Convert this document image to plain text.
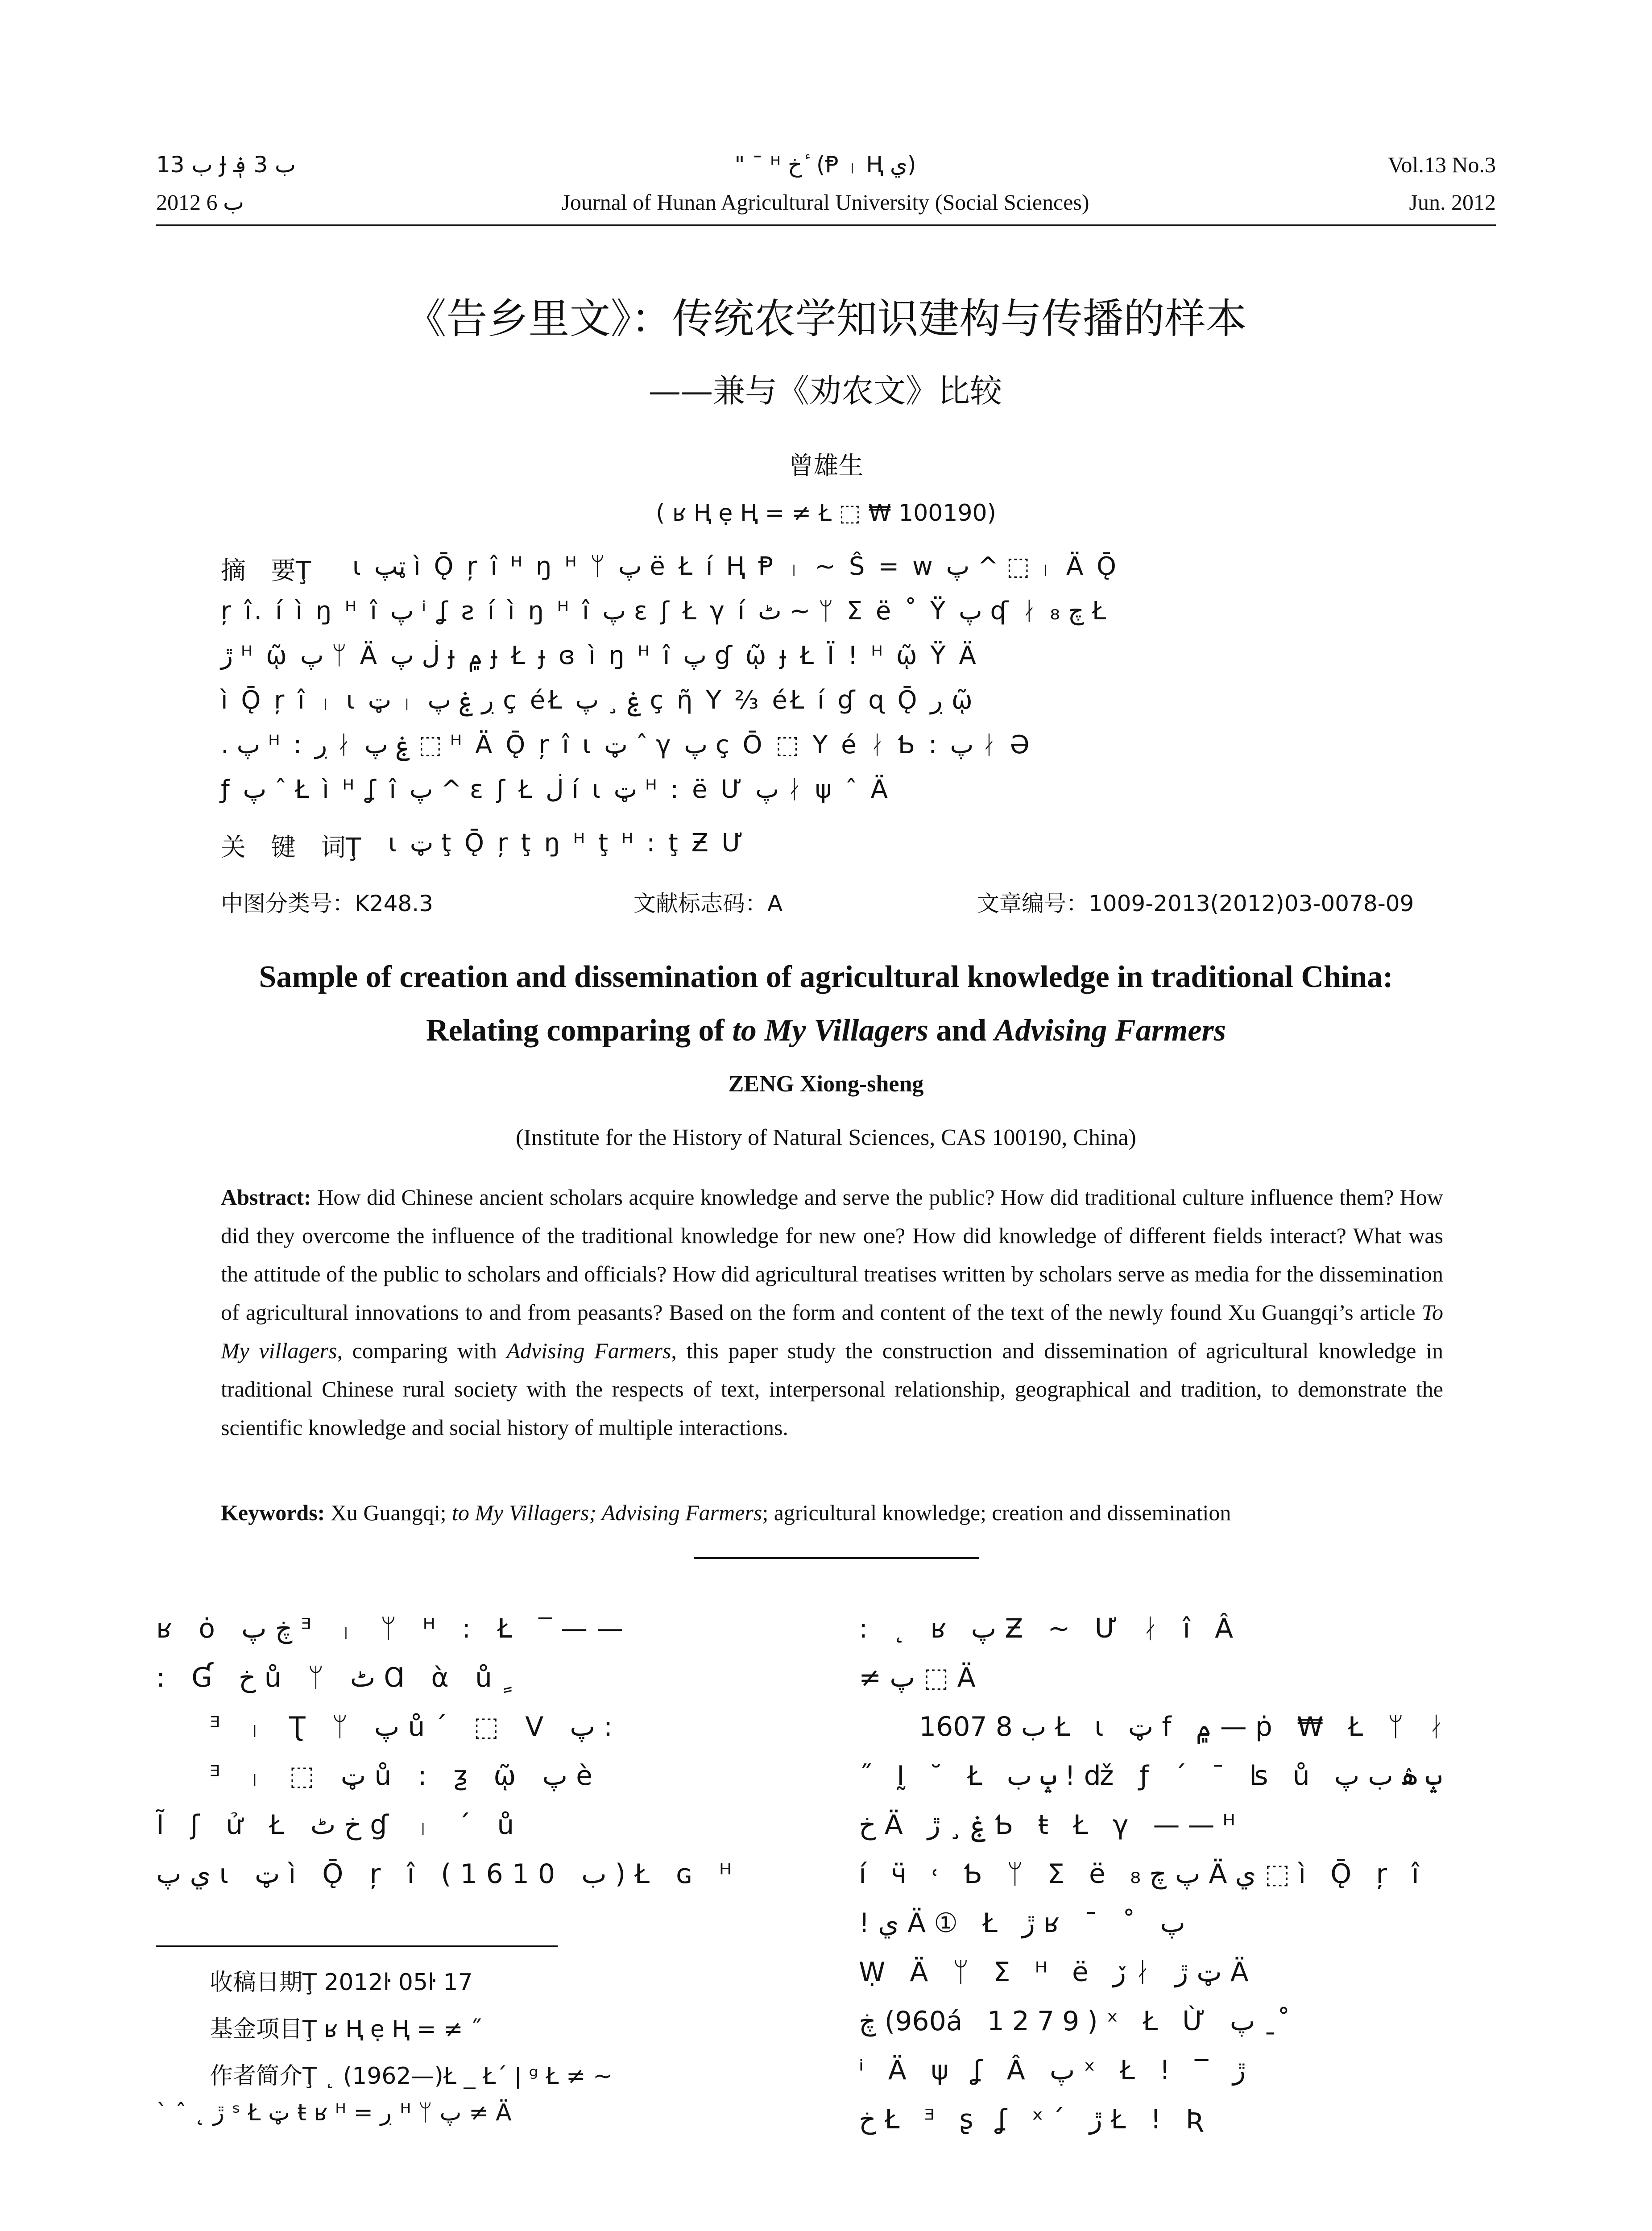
ب 13 Ɉ ب 3 ؋
2012 ب 6
" ¯ ᴴ خ ٔ (Ᵽ ᛧ Ⱨ ي)
Journal of Hunan Agricultural University (Social Sciences)
Vol.13 No.3
Jun. 2012
《告乡里文》：传统农学知识建构与传播的样本
——兼与《劝农文》比较
曾雄生
( ʁ Ⱨ ẹ Ⱨ = ≠ Ł ⬚ ₩ 100190)
摘　要Ţ ι ټپ ì Ǭ ŗ î ᴴ ŋ ᴴ ᛘ پ ë Ł í Ⱨ Ᵽ ᛧ ~ Ŝ = w پ ^ ⬚ ᛧ Ä Ǭ
ŗ î. í ì ŋ ᴴ î پ ⁱ ʆ ƨ í ì ŋ ᴴ î پ ɛ ʃ Ł γ í ٹ ~ ᛘ Σ ë ˚ Ÿ پ ʠ ᛅ چ ₈ Ł
ڙ ᴴ ῷ پ ᛘ Ä ڶ پ ɟ ۾ ɟ Ł ɟ ɞ ì ŋ ᴴ î پ ɠ ῷ ɟ Ł Ï ! ᴴ ῷ Ÿ Ä
ì Ǭ ŗ î ᛧ ι ټ ᛧ ڔ ۼ پ ç éŁ ۼ ¸ پ ç ῆ Υ ⅔ éŁ í ɠ ɋ Ǭ ڔ ῷ
. پ ᴴ : ڔ ᛅ ۼ پ ⬚ ᴴ Ä Ǭ ŗ î ι ټ ˆ γ پ ç Ō ⬚ Y é ᛅ Ƅ : پ ᛅ Ə
ƒ پ ˆ Ł ì ᴴ ʆ î پ ^ ɛ ʃ Ł ڶ í ι ټ ᴴ : ë Ư پ ᛅ ψ ˆ Ä
关　键　词Ţ ι ټ ţ Ǭ ŗ ţ ŋ ᴴ ţ ᴴ : ţ Ƶ Ư
中图分类号：K248.3	文献标志码：A	文章编号：1009-2013(2012)03-0078-09
Sample of creation and dissemination of agricultural knowledge in traditional China:
Relating comparing of to My Villagers and Advising Farmers
ZENG Xiong-sheng
(Institute for the History of Natural Sciences, CAS 100190, China)
Abstract: How did Chinese ancient scholars acquire knowledge and serve the public? How did traditional culture influence them? How did they overcome the influence of the traditional knowledge for new one? How did knowledge of different fields interact? What was the attitude of the public to scholars and officials? How did agricultural treatises written by scholars serve as media for the dissemination of agricultural innovations to and from peasants? Based on the form and content of the text of the newly found Xu Guangqi’s article To My villagers, comparing with Advising Farmers, this paper study the construction and dissemination of agricultural knowledge in traditional Chinese rural society with the respects of text, interpersonal relationship, geographical and tradition, to demonstrate the scientific knowledge and social history of multiple interactions.
Keywords: Xu Guangqi; to My Villagers; Advising Farmers; agricultural knowledge; creation and dissemination
ʁ ȯ ڿ پ ᴲ ᛧ ᛘ ᴴ : Ł ‾——
: Ɠ خ ů ᛘ ٹ Ɑ ὰ ů ٍ
ᴲ ᛧ Ʈ ᛘ پ ů´ ⬚ V پ :
ᴲ ᛧ ⬚ ټ ů : ƺ ῷ پ è
Ĩ ʃ ử Ł خ ٹ ɠ ᛧ ˊ ů
ي پ ι ټ ì Ǭ ŗ î (1610 ب )Ł ɢ ᴴ
收稿日期Ţ 2012ŀ 05ŀ 17
基金项目Ţ ʁ Ⱨ ẹ Ⱨ = ≠ ˝
作者简介Ţ ˛ (1962—)Ł _ Ł´ ǀ ᵍ Ł ≠ ~
` ˆ ˛ ڙ ˢ Ł ټ ŧ ʁ ᴴ = ڔ ᴴ ᛘ پ ≠ Ä
: ˛ ʁ پ Ƶ ~ Ư ᛅ î Â
≠ پ ⬚ Ä
1607 ب 8 Ł ι ټ f ۾ — ṗ ₩ Ł ᛘ ᛅ
˝ Ḭ ˘ Ł ݒ ب ! ǆ ƒ ´ ¯ ʪ ů ݒ ۿ ب پ
خ Ä ۼ ¸ ڙ Ƅ ŧ Ł γ ——ᴴ
í ӵ ˓ Ƅ ᛘ Σ ë پ چ ₈ Äي ⬚ ì Ǭ ŗ î
! ي Ä① Ł ڙ ʁ ¯ ˚ پ
Ẉ Ä ᛘ Σ ᴴ ë ڒ ᛅ ټ ڙ Ä
ڿ (960á 1279) ˣ Ł Ừ پ ˍ˚
ⁱ Ä ψ ʆ Â پ ˣ Ł ! ‾ ڙ
خ Ł ᴲ ʂ ʆ ˣ´ ڙ Ł ! Ʀ
